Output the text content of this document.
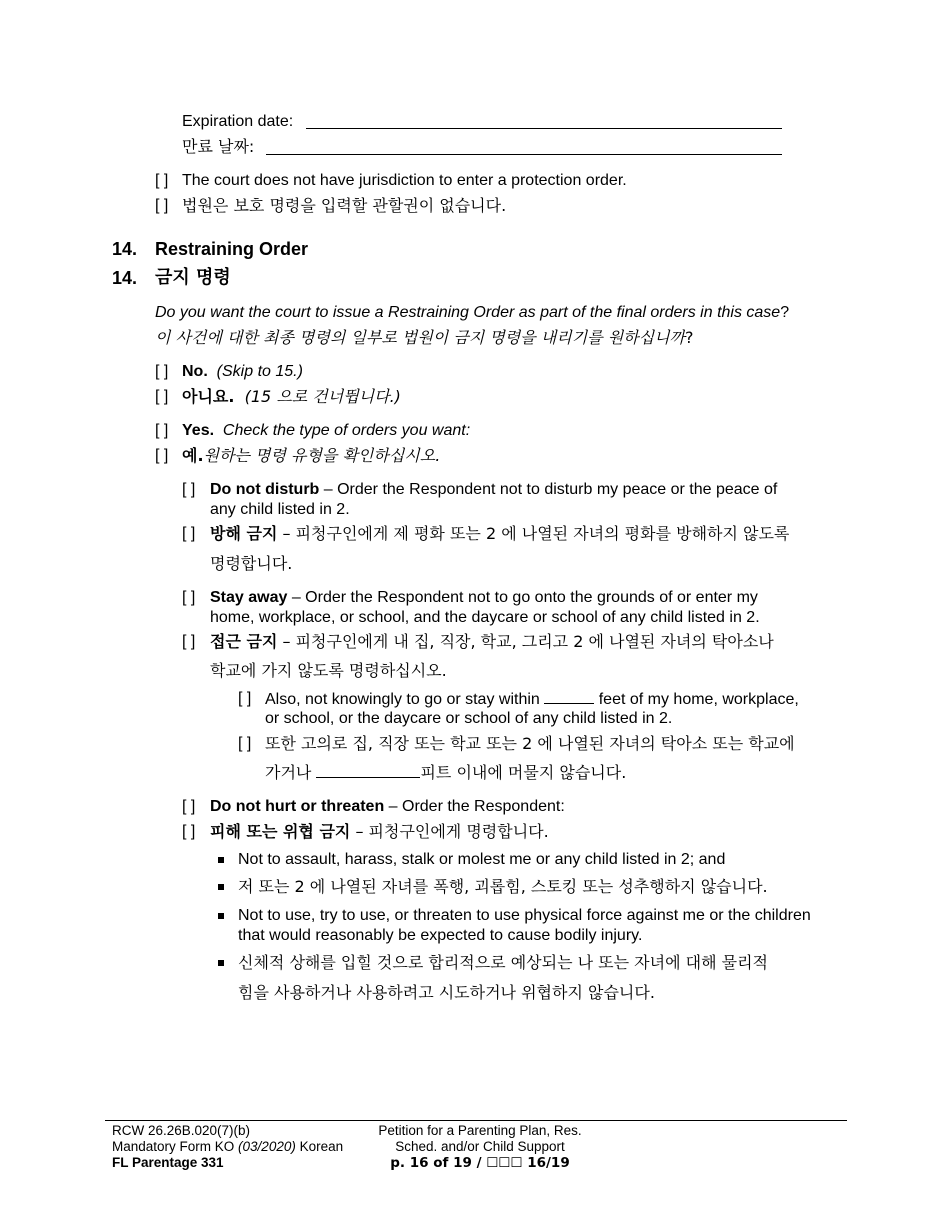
Expiration date:
만료 날짜:
[ ] The court does not have jurisdiction to enter a protection order.
[ ] 법원은 보호 명령을 입력할 관할권이 없습니다.
14. Restraining Order
14. 금지 명령
Do you want the court to issue a Restraining Order as part of the final orders in this case?
이 사건에 대한 최종 명령의 일부로 법원이 금지 명령을 내리기를 원하십니까?
[ ] No. (Skip to 15.)
[ ] 아니요. (15 으로 건너뜁니다.)
[ ] Yes. Check the type of orders you want:
[ ] 예.원하는 명령 유형을 확인하십시오.
[ ] Do not disturb – Order the Respondent not to disturb my peace or the peace of
any child listed in 2.
[ ] 방해 금지 – 피청구인에게 제 평화 또는 2 에 나열된 자녀의 평화를 방해하지 않도록
명령합니다.
[ ] Stay away – Order the Respondent not to go onto the grounds of or enter my
home, workplace, or school, and the daycare or school of any child listed in 2.
[ ] 접근 금지 – 피청구인에게 내 집, 직장, 학교, 그리고 2 에 나열된 자녀의 탁아소나
학교에 가지 않도록 명령하십시오.
[ ] Also, not knowingly to go or stay within	feet of my home, workplace,
or school, or the daycare or school of any child listed in 2.
[ ] 또한 고의로 집, 직장 또는 학교 또는 2 에 나열된 자녀의 탁아소 또는 학교에
가거나	피트 이내에 머물지 않습니다.
[ ] Do not hurt or threaten – Order the Respondent:
[ ] 피해 또는 위협 금지 – 피청구인에게 명령합니다.
Not to assault, harass, stalk or molest me or any child listed in 2; and
저 또는 2 에 나열된 자녀를 폭행, 괴롭힘, 스토킹 또는 성추행하지 않습니다.
Not to use, try to use, or threaten to use physical force against me or the children
that would reasonably be expected to cause bodily injury.
신체적 상해를 입힐 것으로 합리적으로 예상되는 나 또는 자녀에 대해 물리적
힘을 사용하거나 사용하려고 시도하거나 위협하지 않습니다.
RCW 26.26B.020(7)(b)
Mandatory Form KO (03/2020) Korean
FL Parentage 331
Petition for a Parenting Plan, Res.
Sched. and/or Child Support
p. 16 of 19 / ☐☐☐ 16/19
